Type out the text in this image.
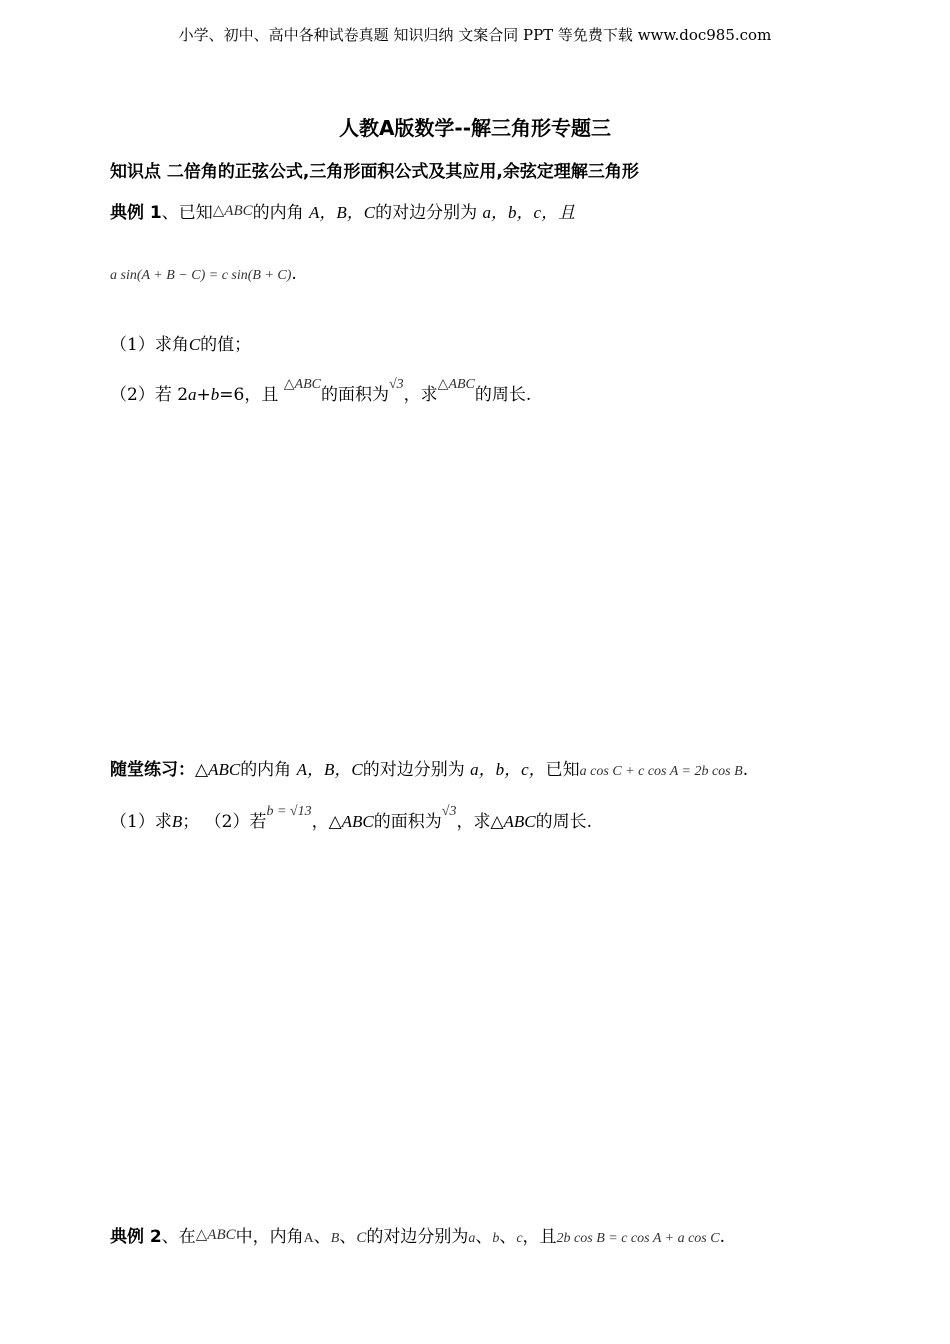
小学、初中、高中各种试卷真题 知识归纳 文案合同 PPT 等免费下载 www.doc985.com
人教A版数学--解三角形专题三
知识点 二倍角的正弦公式,三角形面积公式及其应用,余弦定理解三角形
典例 1、已知△ABC的内角 A，B，C的对边分别为 a，b，c，且
a sin(A + B − C) = c sin(B + C).
（1）求角C的值；
（2）若 2a+b=6，且 $^{\triangle ABC}$的面积为$^{√3}$，求$^{\triangle ABC}$的周长.
随堂练习：△ABC的内角 A，B，C的对边分别为 a，b，c，已知a cos C + c cos A = 2b cos B.
（1）求B； （2）若$^{b = √13}$，△ABC的面积为$^{√3}$，求△ABC的周长.
典例 2、在△ABC中，内角A、B、C的对边分别为a、b、c，且2b cos B = c cos A + a cos C.
